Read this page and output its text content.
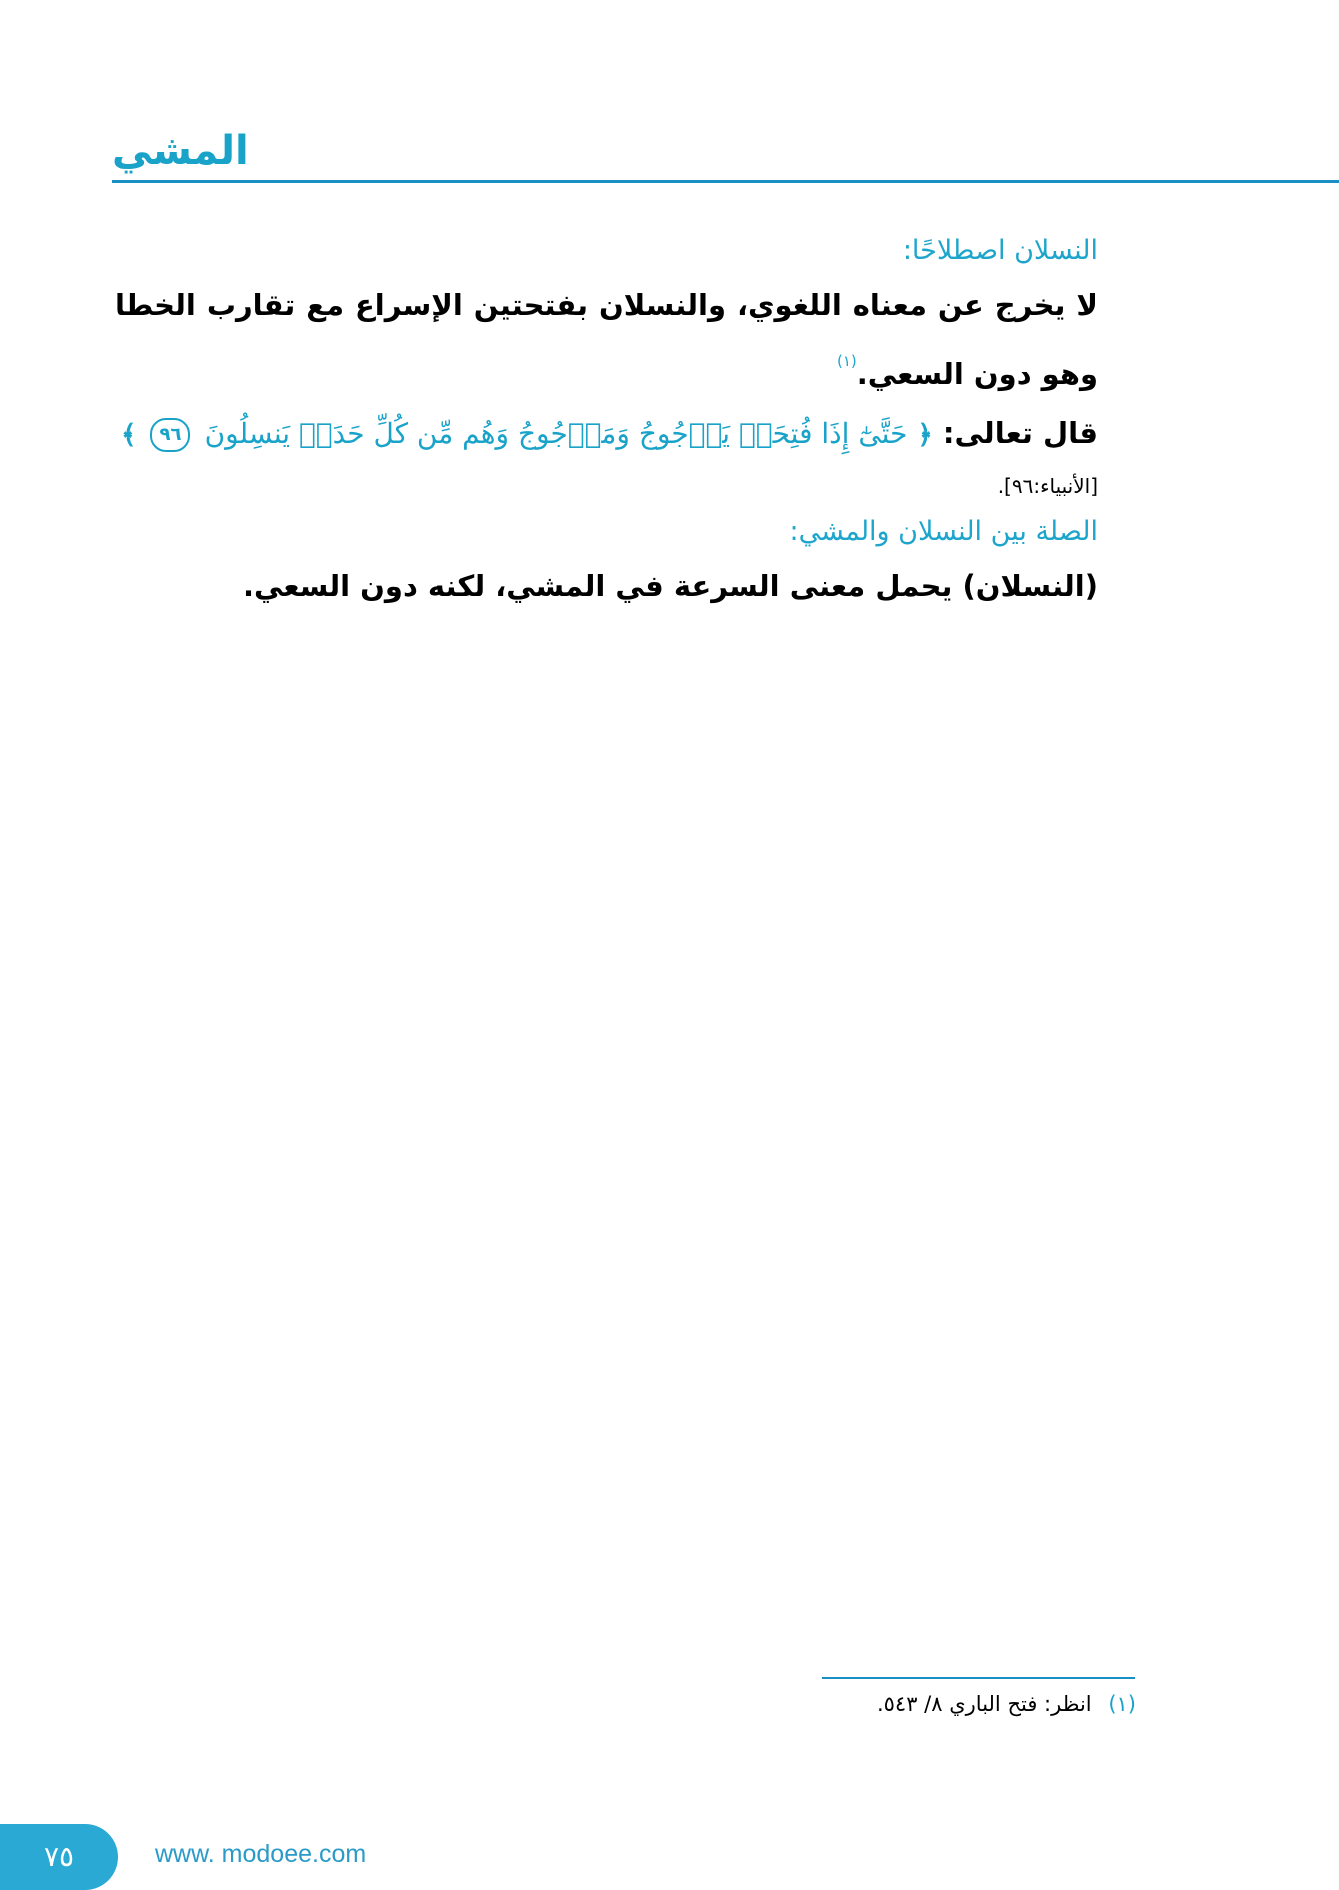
المشي

النسلان اصطلاحًا:

لا يخرج عن معناه اللغوي، والنسلان بفتحتين الإسراع مع تقارب الخطا وهو دون السعي.$^{(١)}$

قال تعالى: ﴿ حَتَّىٰٓ إِذَا فُتِحَتۡ يَأۡجُوجُ وَمَأۡجُوجُ وَهُم مِّن كُلِّ حَدَبٖ يَنسِلُونَ ٩٦ ﴾
[الأنبياء:٩٦].

الصلة بين النسلان والمشي:

(النسلان) يحمل معنى السرعة في المشي، لكنه دون السعي.

(١) انظر: فتح الباري ٨/ ٥٤٣.
٧٥	www. modoee.com
